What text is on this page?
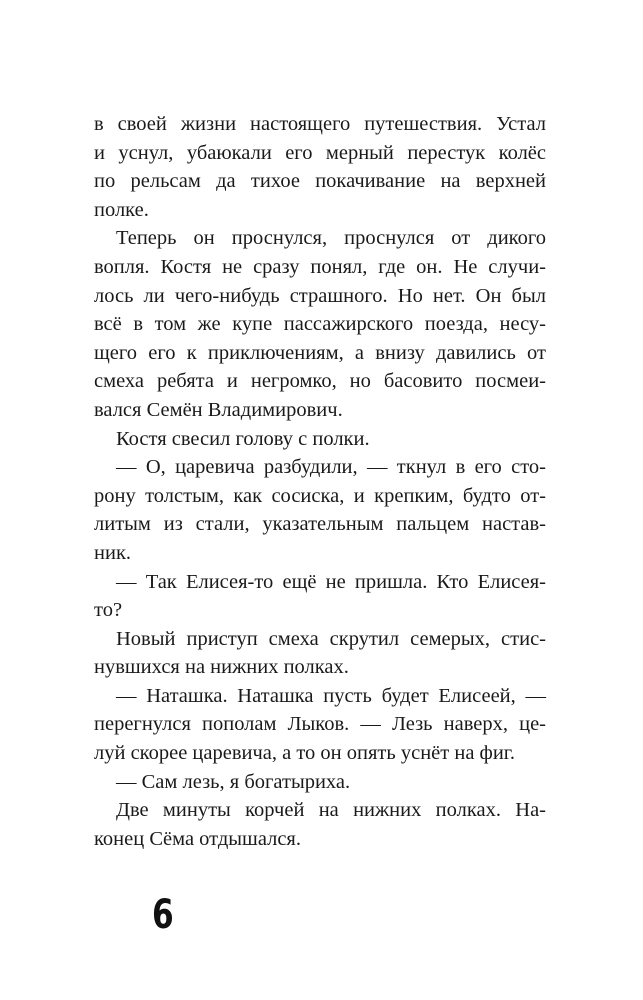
в своей жизни настоящего путешествия. Устал
и уснул, убаюкали его мерный перестук колёс
по рельсам да тихое покачивание на верхней
полке.
Теперь он проснулся, проснулся от дикого
вопля. Костя не сразу понял, где он. Не случи-
лось ли чего-нибудь страшного. Но нет. Он был
всё в том же купе пассажирского поезда, несу-
щего его к приключениям, а внизу давились от
смеха ребята и негромко, но басовито посмеи-
вался Семён Владимирович.
Костя свесил голову с полки.
— О, царевича разбудили, — ткнул в его сто-
рону толстым, как сосиска, и крепким, будто от-
литым из стали, указательным пальцем настав-
ник.
— Так Елисея-то ещё не пришла. Кто Елисея-
то?
Новый приступ смеха скрутил семерых, стис-
нувшихся на нижних полках.
— Наташка. Наташка пусть будет Елисеей, —
перегнулся пополам Лыков. — Лезь наверх, це-
луй скорее царевича, а то он опять уснёт на фиг.
— Сам лезь, я богатыриха.
Две минуты корчей на нижних полках. На-
конец Сёма отдышался.
6
